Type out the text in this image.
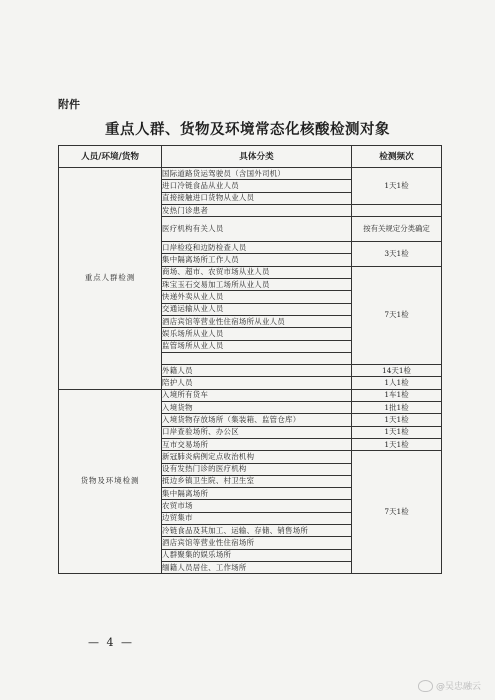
附件
重点人群、货物及环境常态化核酸检测对象
人员/环境/货物	具体分类	检测频次
重点人群检测	国际道路货运驾驶员（含国外司机）	1天1检
	进口冷链食品从业人员	
	直接接触进口货物从业人员	
	发热门诊患者	
	医疗机构有关人员	按有关规定分类确定
	口岸检疫和边防检查人员	3天1检
	集中隔离场所工作人员	
	商场、超市、农贸市场从业人员	7天1检
	珠宝玉石交易加工场所从业人员	
	快递外卖从业人员	
	交通运输从业人员	
	酒店宾馆等营业性住宿场所从业人员	
	娱乐场所从业人员	
	监管场所从业人员	

	外籍人员	14天1检
	陪护人员	1人1检
货物及环境检测	入境所有货车	1车1检
	入境货物	1批1检
	入境货物存放场所（集装箱、监管仓库）	1天1检
	口岸查验场所、办公区	1天1检
	互市交易场所	1天1检
	新冠肺炎病例定点收治机构	7天1检
	设有发热门诊的医疗机构	
	抵边乡镇卫生院、村卫生室	
	集中隔离场所	
	农贸市场	
	边贸集市	
	冷链食品及其加工、运输、存储、销售场所	
	酒店宾馆等营业性住宿场所	
	人群聚集的娱乐场所	
	缅籍人员居住、工作场所	
— 4 —
@吴忠融云
